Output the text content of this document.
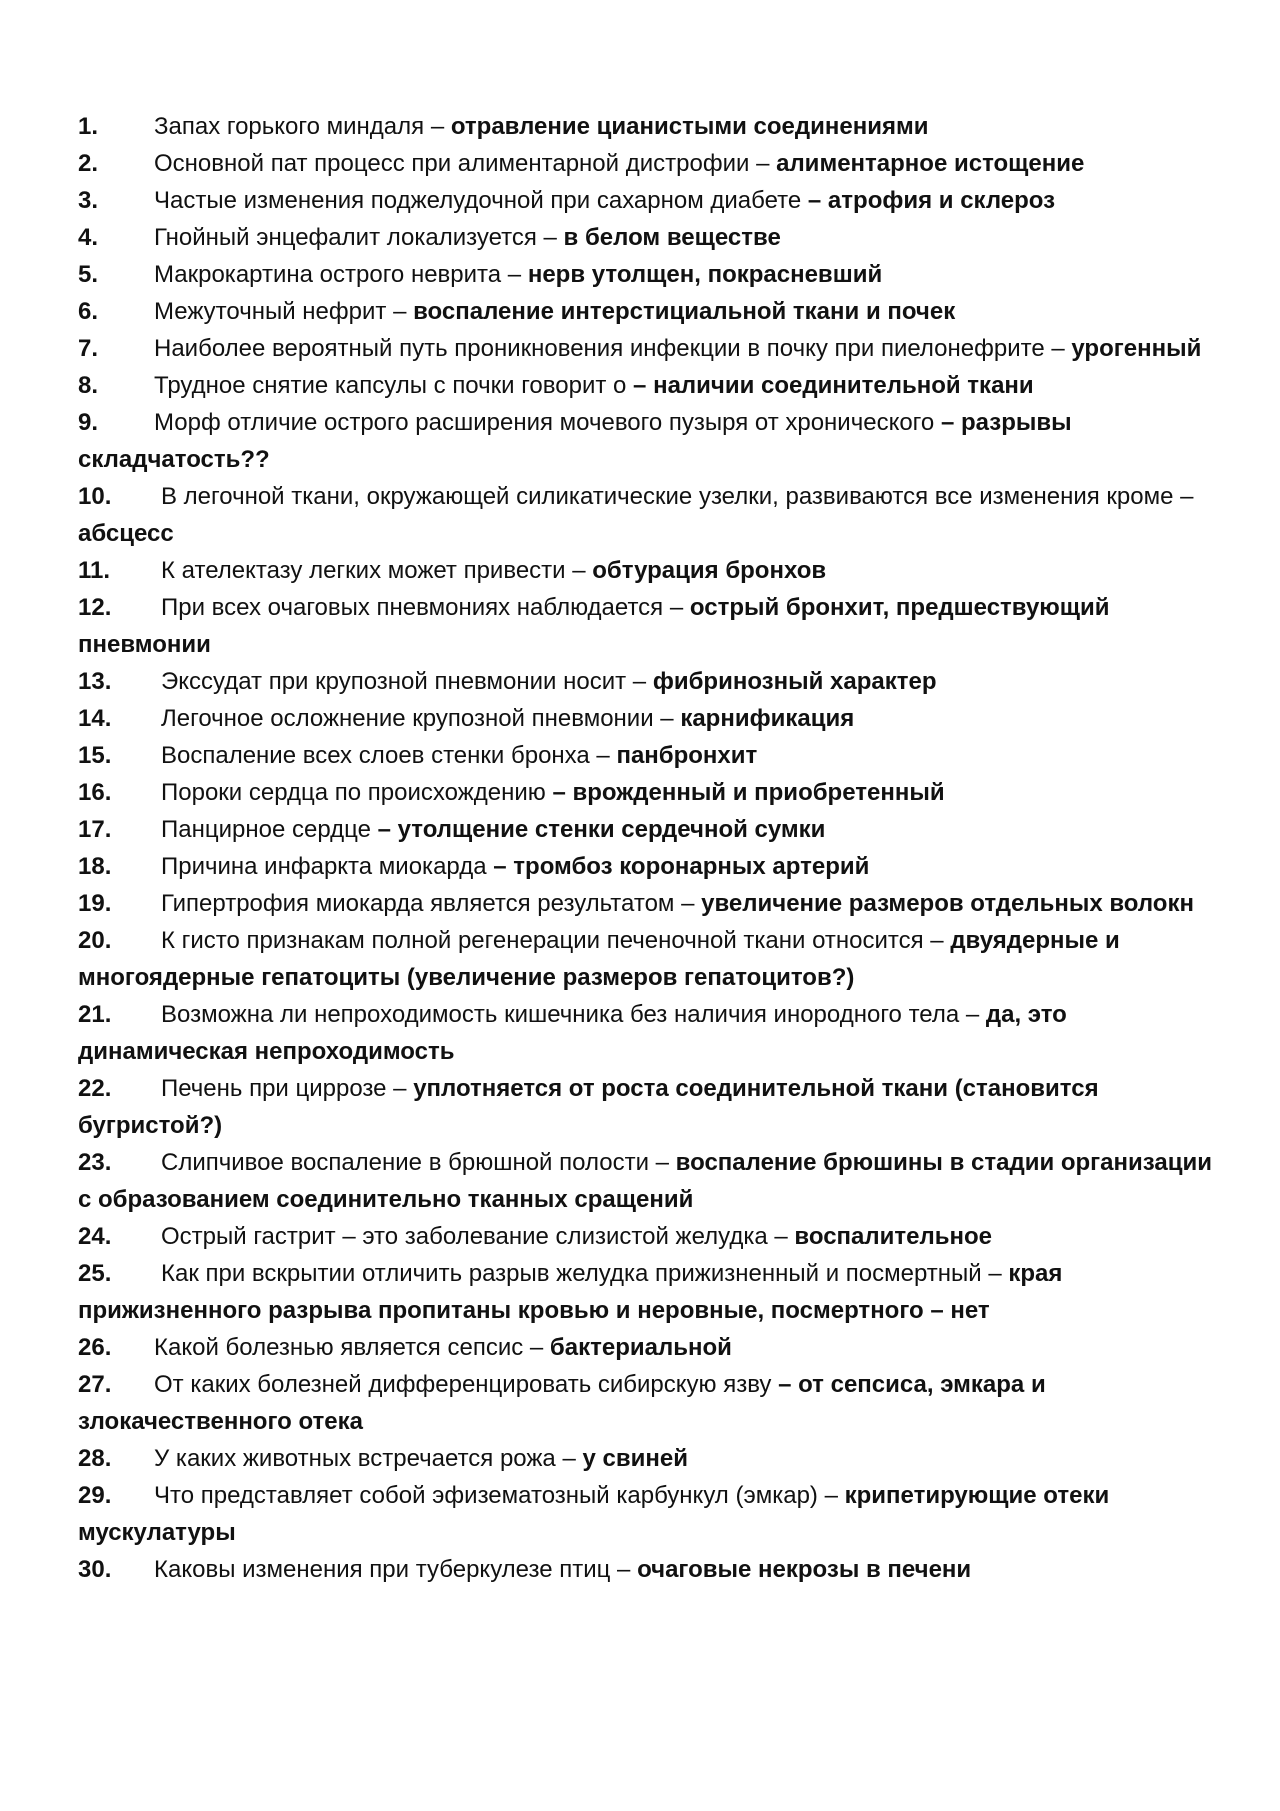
1. Запах горького миндаля – отравление цианистыми соединениями
2. Основной пат процесс при алиментарной дистрофии – алиментарное истощение
3. Частые изменения поджелудочной при сахарном диабете – атрофия и склероз
4. Гнойный энцефалит локализуется – в белом веществе
5. Макрокартина острого неврита – нерв утолщен, покрасневший
6. Межуточный нефрит – воспаление интерстициальной ткани и почек
7. Наиболее вероятный путь проникновения инфекции в почку при пиелонефрите – урогенный
8. Трудное снятие капсулы с почки говорит о – наличии соединительной ткани
9. Морф отличие острого расширения мочевого пузыря от хронического – разрывы складчатость??
10. В легочной ткани, окружающей силикатические узелки, развиваются все изменения кроме – абсцесс
11. К ателектазу легких может привести – обтурация бронхов
12. При всех очаговых пневмониях наблюдается – острый бронхит, предшествующий пневмонии
13. Экссудат при крупозной пневмонии носит – фибринозный характер
14. Легочное осложнение крупозной пневмонии – карнификация
15. Воспаление всех слоев стенки бронха – панбронхит
16. Пороки сердца по происхождению – врожденный и приобретенный
17. Панцирное сердце – утолщение стенки сердечной сумки
18. Причина инфаркта миокарда – тромбоз коронарных артерий
19. Гипертрофия миокарда является результатом – увеличение размеров отдельных волокн
20. К гисто признакам полной регенерации печеночной ткани относится – двуядерные и многоядерные гепатоциты (увеличение размеров гепатоцитов?)
21. Возможна ли непроходимость кишечника без наличия инородного тела – да, это динамическая непроходимость
22. Печень при циррозе – уплотняется от роста соединительной ткани (становится бугристой?)
23. Слипчивое воспаление в брюшной полости – воспаление брюшины в стадии организации с образованием соединительно тканных сращений
24. Острый гастрит – это заболевание слизистой желудка – воспалительное
25. Как при вскрытии отличить разрыв желудка прижизненный и посмертный – края прижизненного разрыва пропитаны кровью и неровные, посмертного – нет
26. Какой болезнью является сепсис – бактериальной
27. От каких болезней дифференцировать сибирскую язву – от сепсиса, эмкара и злокачественного отека
28. У каких животных встречается рожа – у свиней
29. Что представляет собой эфизематозный карбункул (эмкар) – крипетирующие отеки мускулатуры
30. Каковы изменения при туберкулезе птиц – очаговые некрозы в печени
